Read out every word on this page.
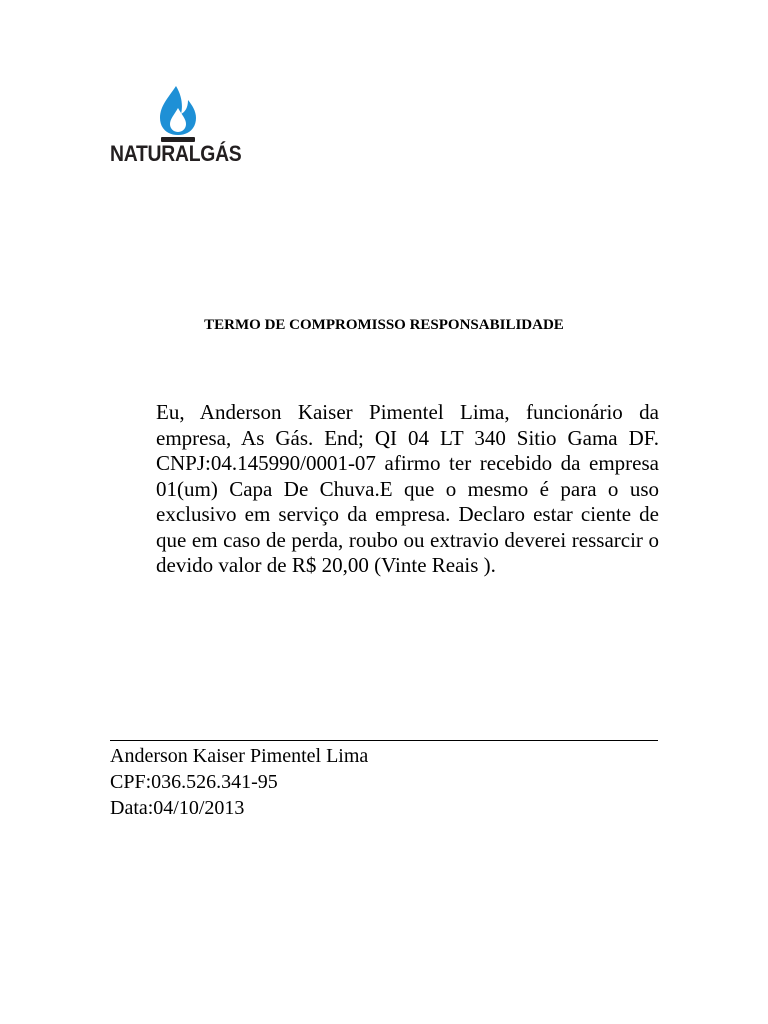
NATURALGÁS
TERMO DE COMPROMISSO RESPONSABILIDADE

Eu, Anderson Kaiser Pimentel Lima, funcionário da empresa, As Gás. End; QI 04 LT 340 Sitio Gama DF. CNPJ:04.145990/0001-07 afirmo ter recebido da empresa 01(um) Capa De Chuva.E que o mesmo é para o uso exclusivo em serviço da empresa. Declaro estar ciente de que em caso de perda, roubo ou extravio deverei ressarcir o devido valor de R$ 20,00 (Vinte Reais ).

Anderson Kaiser Pimentel Lima
CPF:036.526.341-95
Data:04/10/2013
